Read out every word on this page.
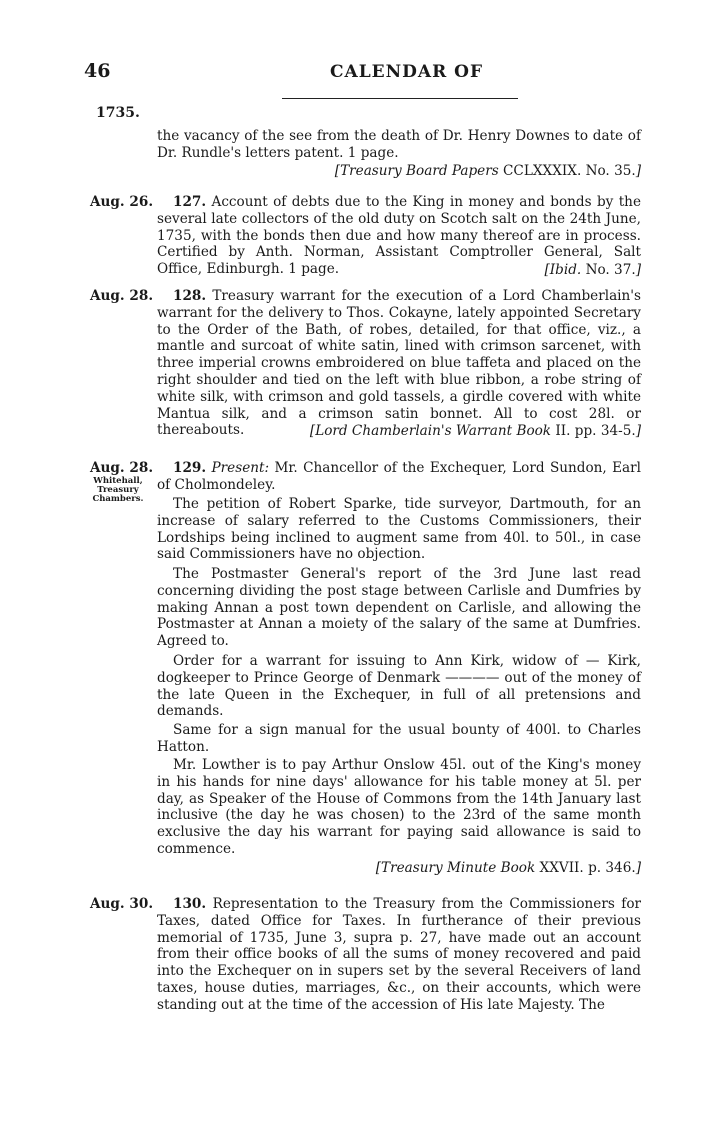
46	CALENDAR OF
1735.

the vacancy of the see from the death of Dr. Henry Downes to date of Dr. Rundle's letters patent. 1 page.

[Treasury Board Papers CCLXXXIX. No. 35.]
Aug. 26.	127. Account of debts due to the King in money and bonds by the several late collectors of the old duty on Scotch salt on the 24th June, 1735, with the bonds then due and how many thereof are in process. Certified by Anth. Norman, Assistant Comptroller General, Salt Office, Edinburgh. 1 page.	[Ibid. No. 37.]
Aug. 28.	128. Treasury warrant for the execution of a Lord Chamberlain's warrant for the delivery to Thos. Cokayne, lately appointed Secretary to the Order of the Bath, of robes, detailed, for that office, viz., a mantle and surcoat of white satin, lined with crimson sarcenet, with three imperial crowns embroidered on blue taffeta and placed on the right shoulder and tied on the left with blue ribbon, a robe string of white silk, with crimson and gold tassels, a girdle covered with white Mantua silk, and a crimson satin bonnet. All to cost 28l. or thereabouts.	[Lord Chamberlain's Warrant Book II. pp. 34-5.]
Aug. 28.
Whitehall, Treasury Chambers.

129. Present: Mr. Chancellor of the Exchequer, Lord Sundon, Earl of Cholmondeley.

The petition of Robert Sparke, tide surveyor, Dartmouth, for an increase of salary referred to the Customs Commissioners, their Lordships being inclined to augment same from 40l. to 50l., in case said Commissioners have no objection.

The Postmaster General's report of the 3rd June last read concerning dividing the post stage between Carlisle and Dumfries by making Annan a post town dependent on Carlisle, and allowing the Postmaster at Annan a moiety of the salary of the same at Dumfries. Agreed to.

Order for a warrant for issuing to Ann Kirk, widow of — Kirk, dogkeeper to Prince George of Denmark ———— out of the money of the late Queen in the Exchequer, in full of all pretensions and demands.

Same for a sign manual for the usual bounty of 400l. to Charles Hatton.

Mr. Lowther is to pay Arthur Onslow 45l. out of the King's money in his hands for nine days' allowance for his table money at 5l. per day, as Speaker of the House of Commons from the 14th January last inclusive (the day he was chosen) to the 23rd of the same month exclusive the day his warrant for paying said allowance is said to commence.

[Treasury Minute Book XXVII. p. 346.]
Aug. 30.	130. Representation to the Treasury from the Commissioners for Taxes, dated Office for Taxes. In furtherance of their previous memorial of 1735, June 3, supra p. 27, have made out an account from their office books of all the sums of money recovered and paid into the Exchequer on in supers set by the several Receivers of land taxes, house duties, marriages, &c., on their accounts, which were standing out at the time of the accession of His late Majesty. The
